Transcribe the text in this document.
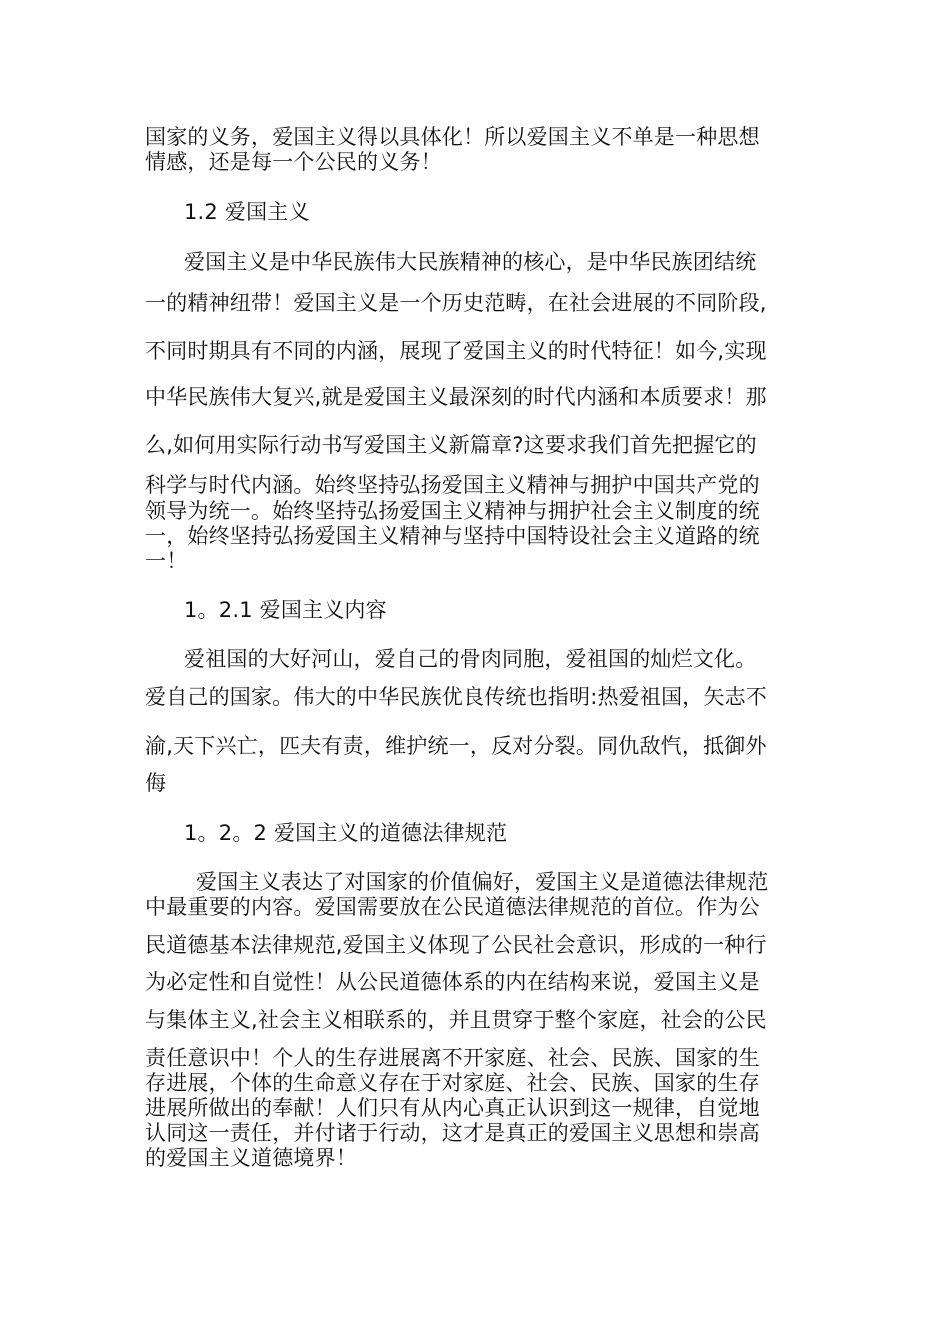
国家的义务，爱国主义得以具体化！所以爱国主义不单是一种思想
情感，还是每一个公民的义务！
1.2 爱国主义
爱国主义是中华民族伟大民族精神的核心，是中华民族团结统
一的精神纽带！爱国主义是一个历史范畴，在社会进展的不同阶段,
不同时期具有不同的内涵，展现了爱国主义的时代特征！如今,实现
中华民族伟大复兴,就是爱国主义最深刻的时代内涵和本质要求！那
么,如何用实际行动书写爱国主义新篇章?这要求我们首先把握它的
科学与时代内涵。始终坚持弘扬爱国主义精神与拥护中国共产党的
领导为统一。始终坚持弘扬爱国主义精神与拥护社会主义制度的统
一，始终坚持弘扬爱国主义精神与坚持中国特设社会主义道路的统
一！
1。2.1 爱国主义内容
爱祖国的大好河山，爱自己的骨肉同胞，爱祖国的灿烂文化。
爱自己的国家。伟大的中华民族优良传统也指明:热爱祖国，矢志不
渝,天下兴亡，匹夫有责，维护统一，反对分裂。同仇敌忾，抵御外
侮
1。2。2 爱国主义的道德法律规范
爱国主义表达了对国家的价值偏好，爱国主义是道德法律规范
中最重要的内容。爱国需要放在公民道德法律规范的首位。作为公
民道德基本法律规范,爱国主义体现了公民社会意识，形成的一种行
为必定性和自觉性！从公民道德体系的内在结构来说，爱国主义是
与集体主义,社会主义相联系的，并且贯穿于整个家庭，社会的公民
责任意识中！个人的生存进展离不开家庭、社会、民族、国家的生
存进展，个体的生命意义存在于对家庭、社会、民族、国家的生存
进展所做出的奉献！人们只有从内心真正认识到这一规律，自觉地
认同这一责任，并付诸于行动，这才是真正的爱国主义思想和崇高
的爱国主义道德境界！
